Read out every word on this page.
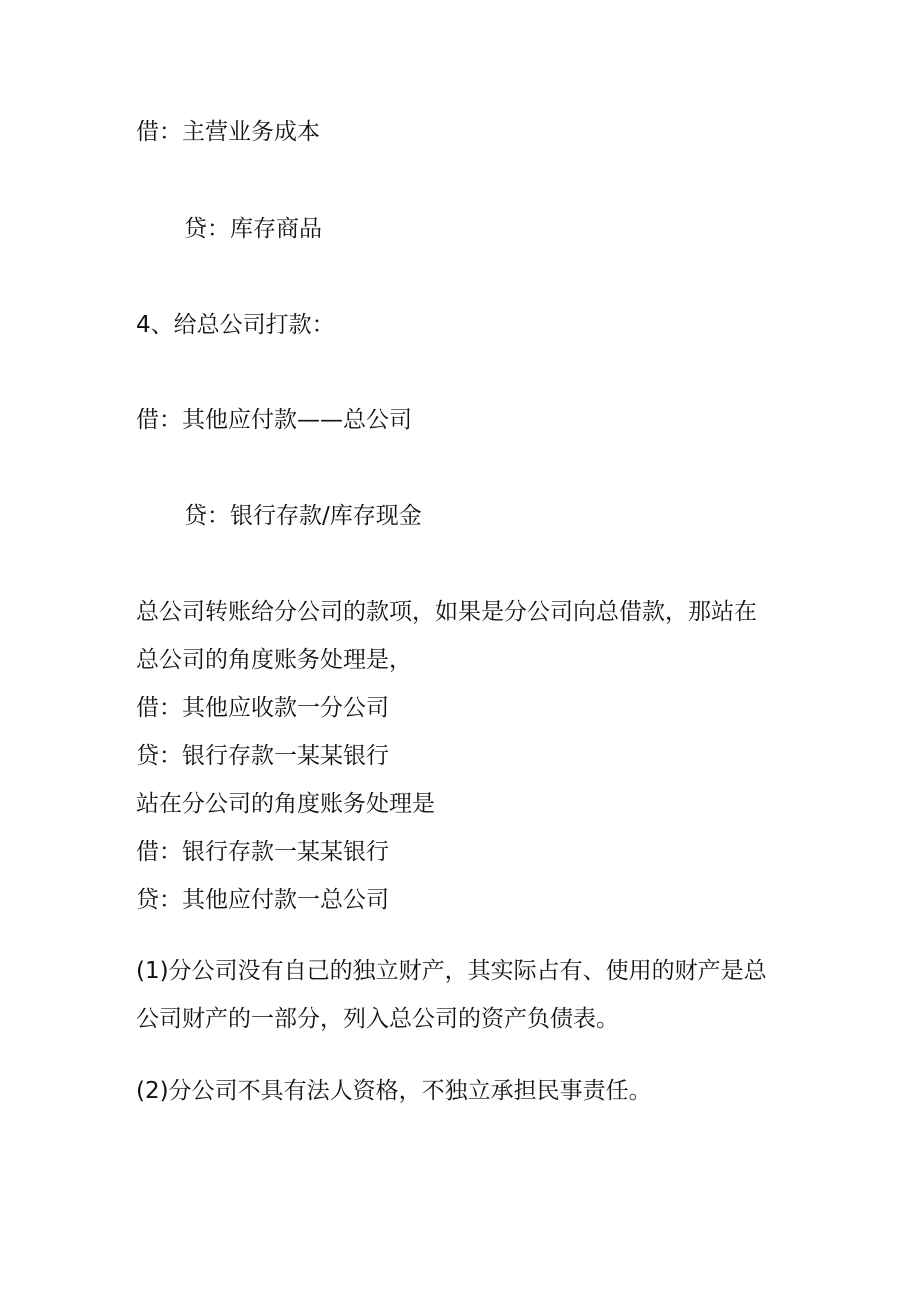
借：主营业务成本
贷：库存商品
4、给总公司打款：
借：其他应付款——总公司
贷：银行存款/库存现金
总公司转账给分公司的款项，如果是分公司向总借款，那站在
总公司的角度账务处理是，
借：其他应收款一分公司
贷：银行存款一某某银行
站在分公司的角度账务处理是
借：银行存款一某某银行
贷：其他应付款一总公司
(1)分公司没有自己的独立财产，其实际占有、使用的财产是总
公司财产的一部分，列入总公司的资产负债表。
(2)分公司不具有法人资格，不独立承担民事责任。
